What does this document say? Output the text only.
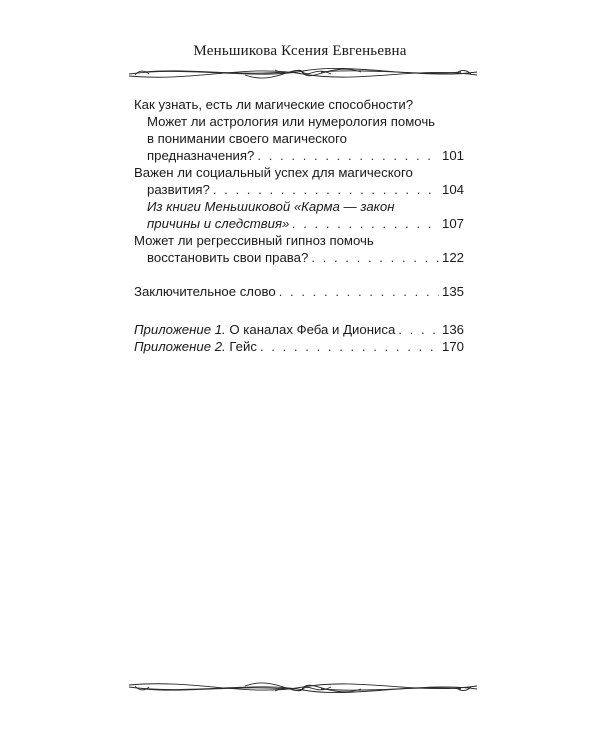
Меньшикова Ксения Евгеньевна
Как узнать, есть ли магические способности?
Может ли астрология или нумерология помочь
в понимании своего магического
предназначения? . . .	101
Важен ли социальный успех для магического
развития? . . .	104
Из книги Меньшиковой «Карма — закон
причины и следствия» . . .	107
Может ли регрессивный гипноз помочь
восстановить свои права? . . .	122
Заключительное слово . . .	135
Приложение 1. О каналах Феба и Диониса . . .	136
Приложение 2. Гейс . . .	170
